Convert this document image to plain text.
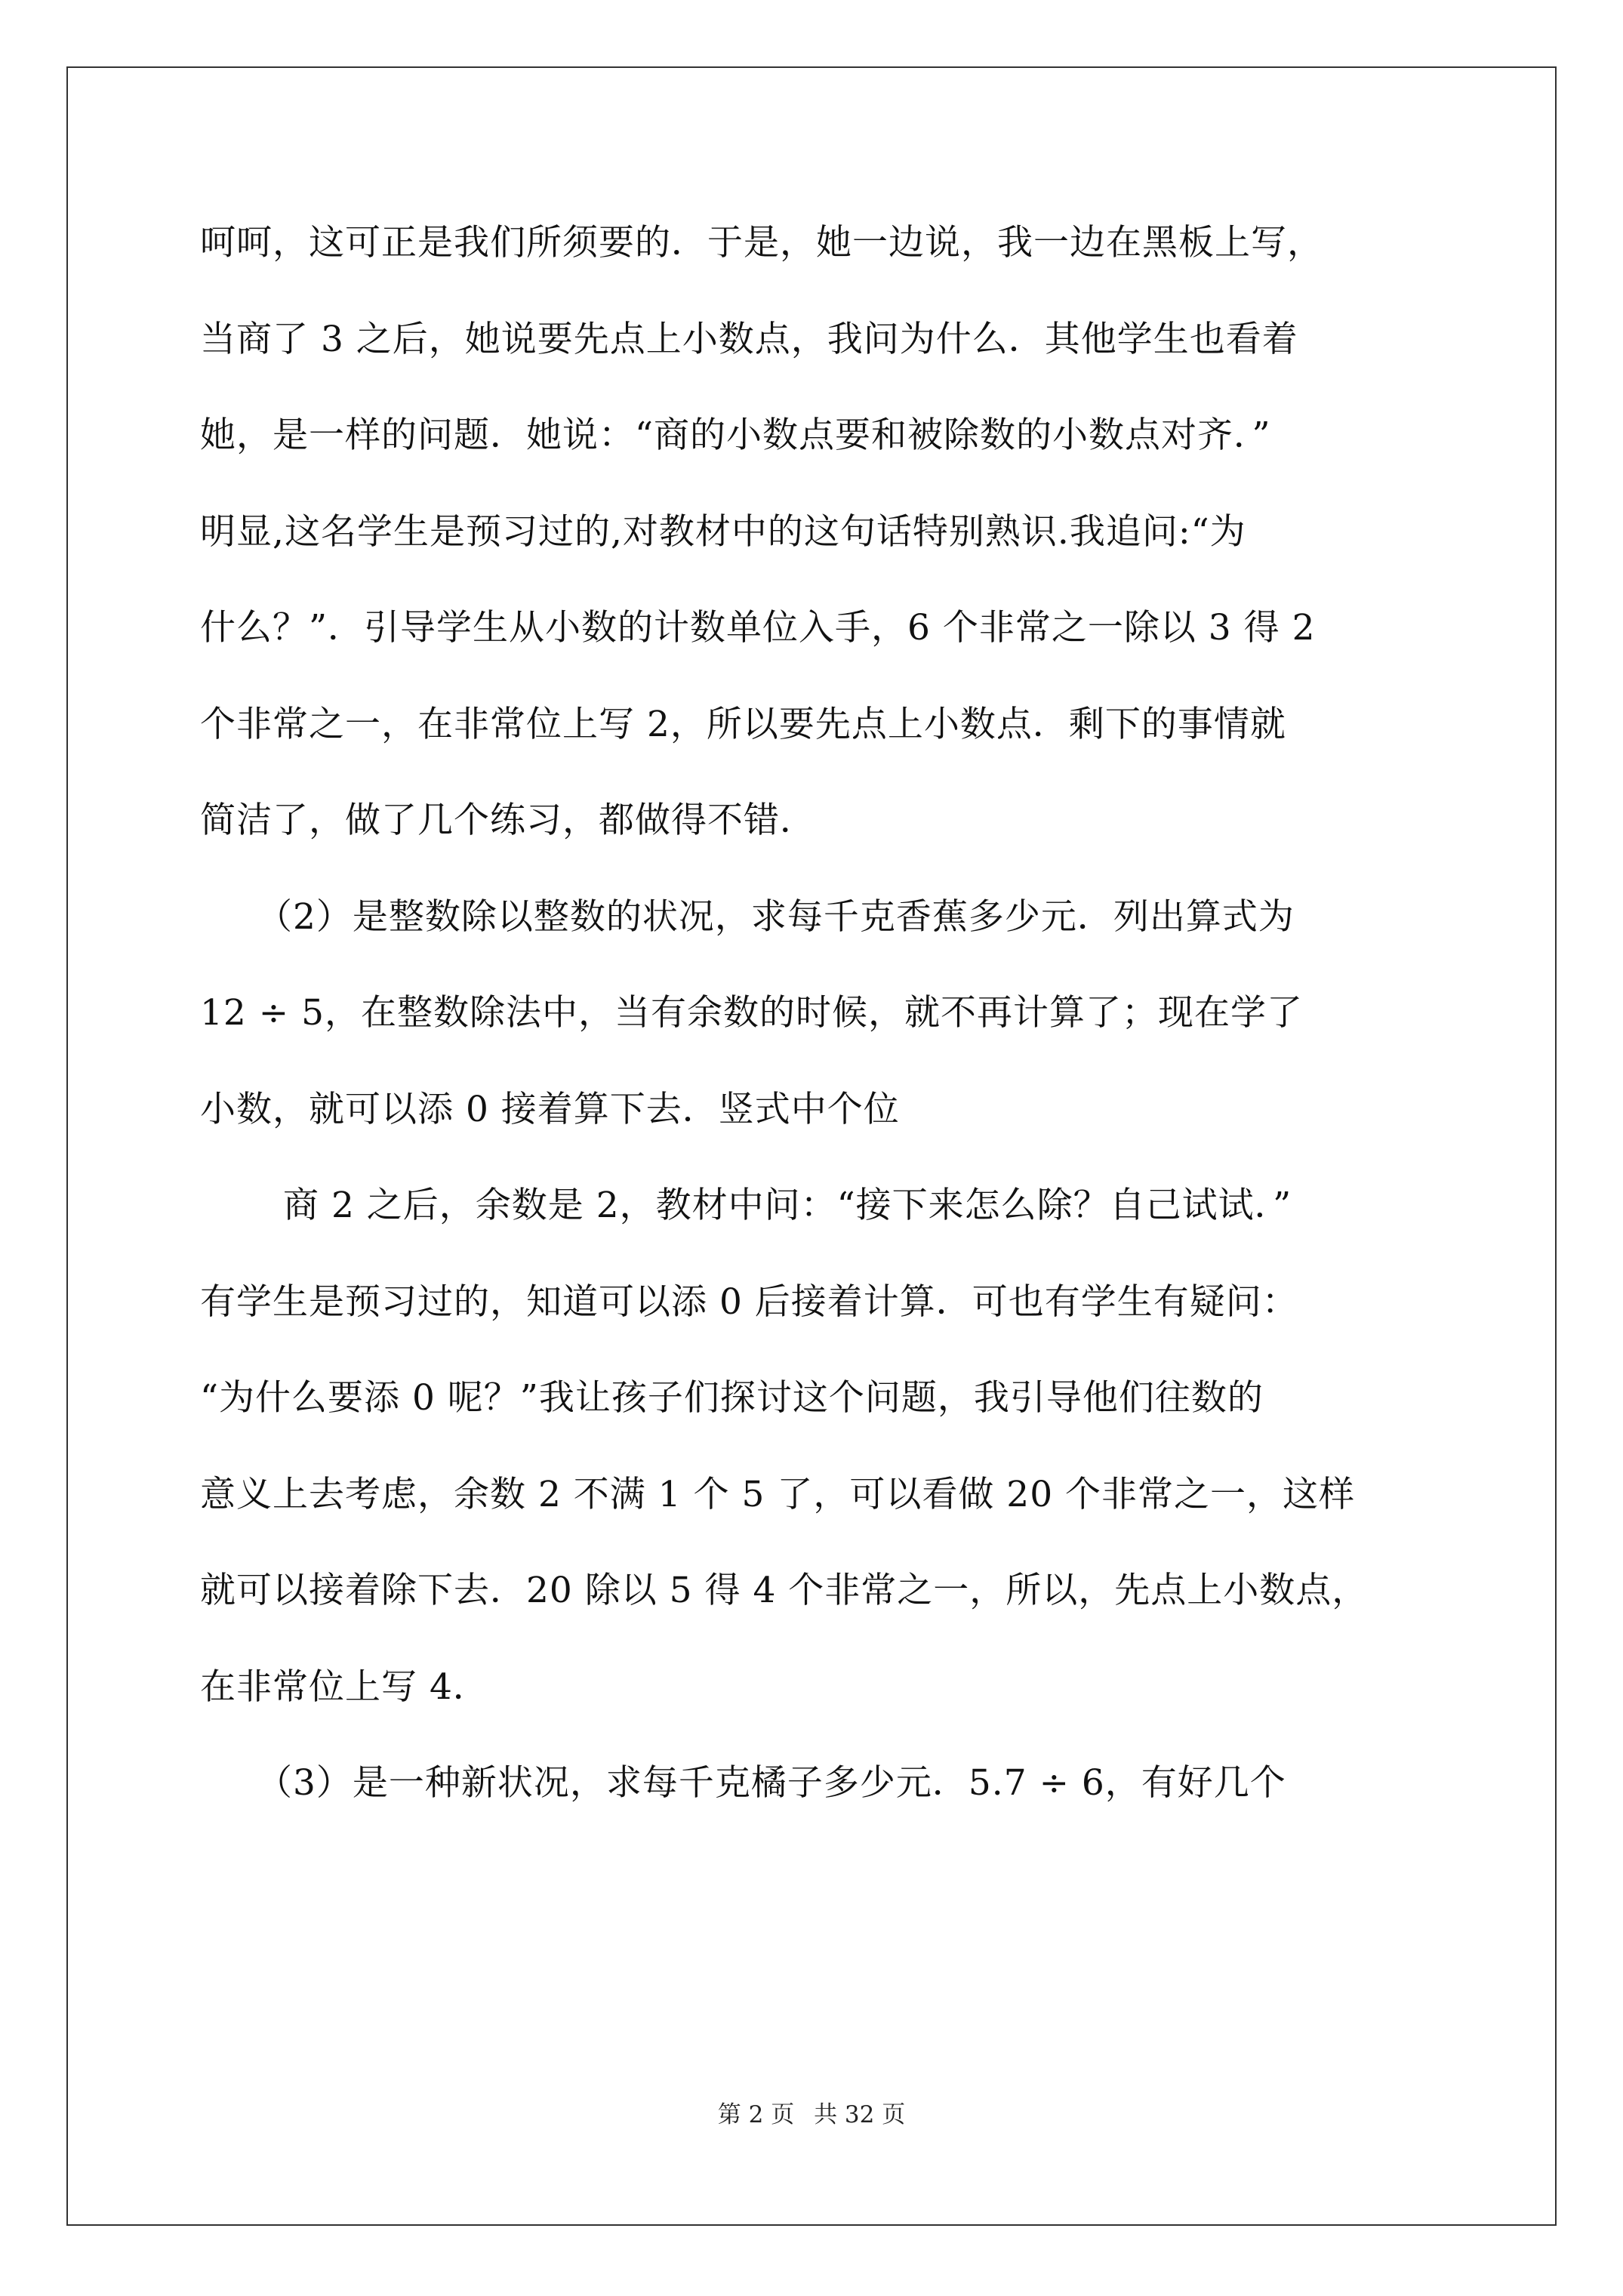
呵呵，这可正是我们所须要的．于是，她一边说，我一边在黑板上写，
当商了 3 之后，她说要先点上小数点，我问为什么．其他学生也看着
她，是一样的问题．她说：“商的小数点要和被除数的小数点对齐．”
明显,这名学生是预习过的,对教材中的这句话特别熟识.我追问:“为
什么？”．引导学生从小数的计数单位入手，6 个非常之一除以 3 得 2
个非常之一，在非常位上写 2，所以要先点上小数点．剩下的事情就
简洁了，做了几个练习，都做得不错．
（2）是整数除以整数的状况，求每千克香蕉多少元．列出算式为
12 ÷ 5，在整数除法中，当有余数的时候，就不再计算了；现在学了
小数，就可以添 0 接着算下去．竖式中个位
商 2 之后，余数是 2，教材中问：“接下来怎么除？自己试试．”
有学生是预习过的，知道可以添 0 后接着计算．可也有学生有疑问：
“为什么要添 0 呢？”我让孩子们探讨这个问题，我引导他们往数的
意义上去考虑，余数 2 不满 1 个 5 了，可以看做 20 个非常之一，这样
就可以接着除下去．20 除以 5 得 4 个非常之一，所以，先点上小数点，
在非常位上写 4．
（3）是一种新状况，求每千克橘子多少元．5.7 ÷ 6，有好几个
第 2 页 共 32 页
